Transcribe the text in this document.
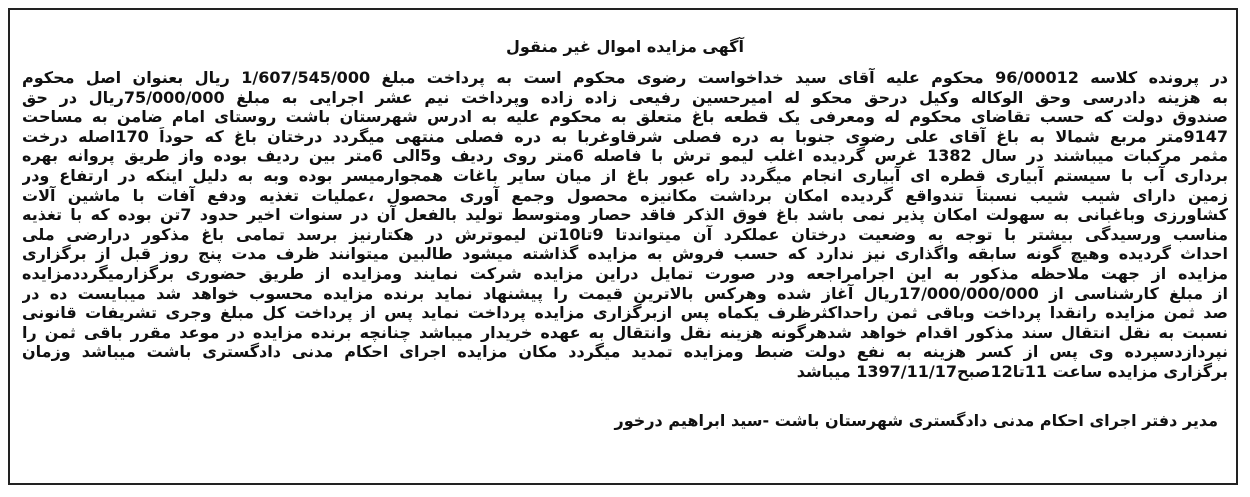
آگهی مزایده اموال غیر منقول
در پرونده کلاسه 96/00012 محکوم علیه آقای سید خداخواست رضوی محکوم است به پرداخت مبلغ 1/607/545/000 ریال بعنوان اصل محکوم
به هزینه دادرسی وحق الوکاله وکیل درحق محکو له امیرحسین رفیعی زاده زاده وپرداخت نیم عشر اجرایی به مبلغ 75/000/000ریال در حق
صندوق دولت که حسب تقاضای محکوم له ومعرفی یک قطعه باغ متعلق به محکوم علیه به ادرس شهرستان باشت روستای امام ضامن به مساحت
9147متر مربع شمالا به باغ آقای علی رضوی جنوبا به دره فصلی شرقاوغربا به دره فصلی منتهی میگردد درختان باغ که حوداً 170اصله درخت
مثمر مرکبات میباشند در سال 1382 غرس گردیده اغلب لیمو ترش با فاصله 6متر روی ردیف و5الی 6متر بین ردیف بوده واز طریق پروانه بهره
برداری آب با سیستم آبیاری قطره ای آبیاری انجام میگردد راه عبور باغ از میان سایر باغات همجوارمیسر بوده وبه به دلیل اینکه در ارتفاع ودر
زمین دارای شیب شیب نسبتاً تندواقع گردیده امکان برداشت مکانیزه محصول وجمع آوری محصول ،عملیات تغذیه ودفع آفات با ماشین آلات
کشاورزی وباغبانی به سهولت امکان پذیر نمی باشد باغ فوق الذکر فاقد حصار ومتوسط تولید بالفعل آن در سنوات اخیر حدود 7تن بوده که با تغذیه
مناسب ورسیدگی بیشتر با توجه به وضعیت درختان عملکرد آن میتواندتا 9تا10تن لیموترش در هکتارنیز برسد تمامی باغ مذکور درارضی ملی
احداث گردیده وهیچ گونه سابقه واگذاری نیز ندارد که حسب فروش به مزایده گذاشته میشود طالبین میتوانند ظرف مدت پنج روز قبل از برگزاری
مزایده از جهت ملاحظه مذکور به این اجرامراجعه ودر صورت تمایل دراین مزایده شرکت نمایند ومزایده از طریق حضوری برگزارمیگرددمزایده
از مبلغ کارشناسی از 17/000/000/000ریال آغاز شده وهرکس بالاترین قیمت را پیشنهاد نماید برنده مزایده محسوب خواهد شد میبایست ده در
صد ثمن مزایده رانقدا پرداخت وباقی ثمن راحداکثرظرف یکماه پس ازبرگزاری مزایده پرداخت نماید پس از پرداخت کل مبلغ وجری تشریفات قانونی
نسبت به نقل انتقال سند مذکور اقدام خواهد شدهرگونه هزینه نقل وانتقال به عهده خریدار میباشد چنانچه برنده مزایده در موعد مقرر باقی ثمن را
نپردازدسپرده وی پس از کسر هزینه به نفع دولت ضبط ومزایده تمدید میگردد مکان مزایده اجرای احکام مدنی دادگستری باشت میباشد وزمان
برگزاری مزایده ساعت 11تا12صبح1397/11/17 میباشد
مدیر دفتر اجرای احکام مدنی دادگستری شهرستان باشت -سید ابراهیم درخور
